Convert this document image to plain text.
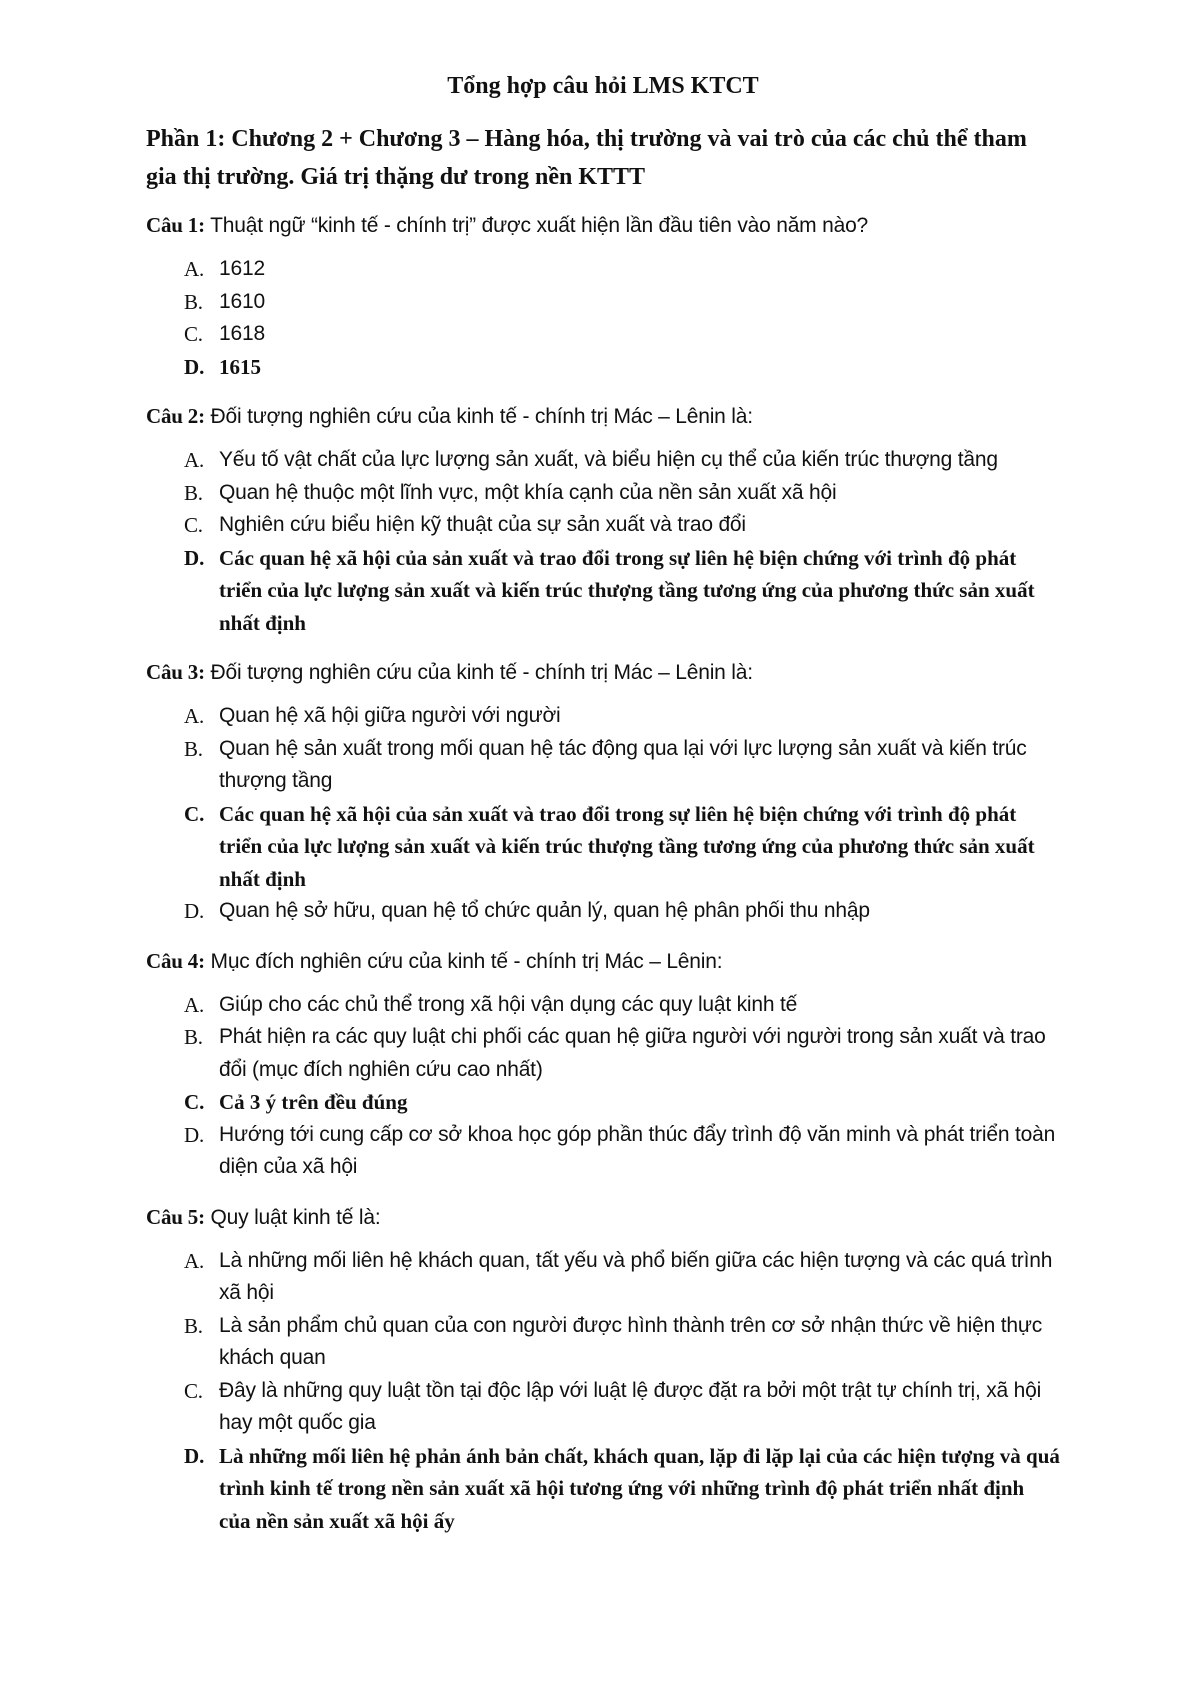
Tổng hợp câu hỏi LMS KTCT
Phần 1: Chương 2 + Chương 3 – Hàng hóa, thị trường và vai trò của các chủ thể tham gia thị trường. Giá trị thặng dư trong nền KTTT

Câu 1: Thuật ngữ “kinh tế - chính trị” được xuất hiện lần đầu tiên vào năm nào?

A. 1612
B. 1610
C. 1618
D. 1615

Câu 2: Đối tượng nghiên cứu của kinh tế - chính trị Mác – Lênin là:

A. Yếu tố vật chất của lực lượng sản xuất, và biểu hiện cụ thể của kiến trúc thượng tầng
B. Quan hệ thuộc một lĩnh vực, một khía cạnh của nền sản xuất xã hội
C. Nghiên cứu biểu hiện kỹ thuật của sự sản xuất và trao đổi
D. Các quan hệ xã hội của sản xuất và trao đổi trong sự liên hệ biện chứng với trình độ phát triển của lực lượng sản xuất và kiến trúc thượng tầng tương ứng của phương thức sản xuất nhất định

Câu 3: Đối tượng nghiên cứu của kinh tế - chính trị Mác – Lênin là:

A. Quan hệ xã hội giữa người với người
B. Quan hệ sản xuất trong mối quan hệ tác động qua lại với lực lượng sản xuất và kiến trúc thượng tầng
C. Các quan hệ xã hội của sản xuất và trao đổi trong sự liên hệ biện chứng với trình độ phát triển của lực lượng sản xuất và kiến trúc thượng tầng tương ứng của phương thức sản xuất nhất định
D. Quan hệ sở hữu, quan hệ tổ chức quản lý, quan hệ phân phối thu nhập

Câu 4: Mục đích nghiên cứu của kinh tế - chính trị Mác – Lênin:

A. Giúp cho các chủ thể trong xã hội vận dụng các quy luật kinh tế
B. Phát hiện ra các quy luật chi phối các quan hệ giữa người với người trong sản xuất và trao đổi (mục đích nghiên cứu cao nhất)
C. Cả 3 ý trên đều đúng
D. Hướng tới cung cấp cơ sở khoa học góp phần thúc đẩy trình độ văn minh và phát triển toàn diện của xã hội

Câu 5: Quy luật kinh tế là:

A. Là những mối liên hệ khách quan, tất yếu và phổ biến giữa các hiện tượng và các quá trình xã hội
B. Là sản phẩm chủ quan của con người được hình thành trên cơ sở nhận thức về hiện thực khách quan
C. Đây là những quy luật tồn tại độc lập với luật lệ được đặt ra bởi một trật tự chính trị, xã hội hay một quốc gia
D. Là những mối liên hệ phản ánh bản chất, khách quan, lặp đi lặp lại của các hiện tượng và quá trình kinh tế trong nền sản xuất xã hội tương ứng với những trình độ phát triển nhất định của nền sản xuất xã hội ấy
